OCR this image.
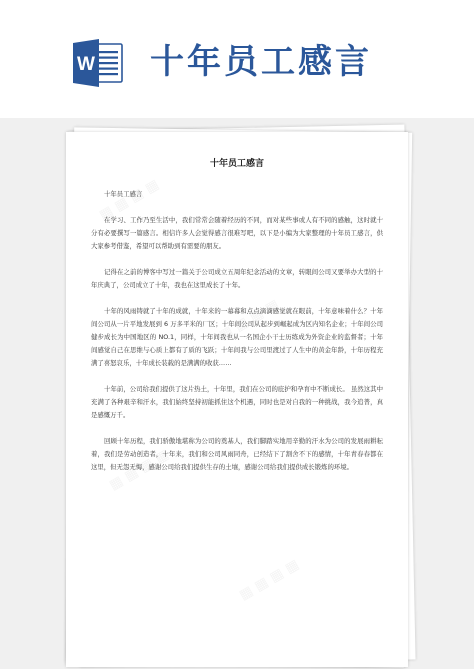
W 十年员工感言
十年员工感言

十年员工感言

在学习、工作乃至生活中，我们常常会随着经历的不同，而对某些事或人有不同的感触，这时就十分有必要撰写一篇感言。相信许多人会觉得感言很难写吧，以下是小编为大家整理的十年员工感言，供大家参考借鉴，希望可以帮助到有需要的朋友。

记得在之前的博客中写过一篇关于公司成立五周年纪念活动的文章，转眼间公司又要举办大型的十年庆典了，公司成立了十年，我也在这里成长了十年。

十年的风雨铸就了十年的成就，十年来的一幕幕和点点滴滴感觉就在眼前，十年意味着什么？十年间公司从一片平地发展到 6 万多平米的厂区；十年间公司从起步到崛起成为区内知名企业；十年间公司健步成长为中国地区的 NO.1，同样，十年间我也从一名国企小干士历练成为外资企业的监督者；十年间感觉自己在思维与心质上都有了质的飞跃；十年间我与公司里渡过了人生中的黄金年龄，十年历程充满了喜怒哀乐，十年成长装载的是满满的收获……

十年前，公司给我们提供了这片热土，十年里，我们在公司的庇护和孕育中不断成长。 虽然这其中充满了各种艰辛和汗水，我们始终坚持初能抓住这个机遇，同时也是对自我的一种挑战，我今追普，真是感慨万千。

回顾十年历程，我们骄傲地堪称为公司的奠基人，我们脚踏实地用辛勤的汗水为公司的发展雨耕耘着，我们是劳动创造者，十年来，我们和公司风雨同舟，已经结下了割舍不下的感情，十年青春春都在这里，但无怨无悔，感谢公司给我们提供生存的土壤，感谢公司给我们提供成长锻炼的环境。
